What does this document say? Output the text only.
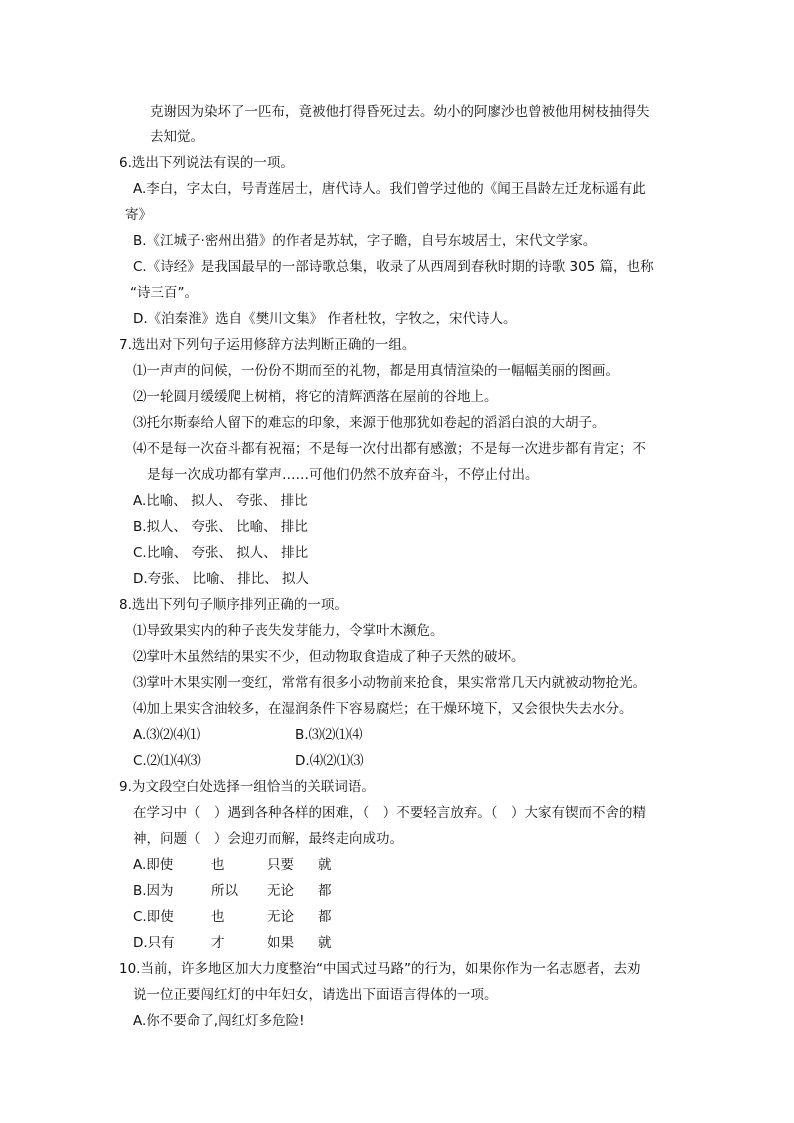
克谢因为染坏了一匹布，竟被他打得昏死过去。幼小的阿廖沙也曾被他用树枝抽得失
去知觉。
6.选出下列说法有误的一项。
A.李白，字太白，号青莲居士，唐代诗人。我们曾学过他的《闻王昌龄左迁龙标遥有此
寄》
B.《江城子·密州出猎》的作者是苏轼，字子瞻，自号东坡居士，宋代文学家。
C.《诗经》是我国最早的一部诗歌总集，收录了从西周到春秋时期的诗歌 305 篇，也称
“诗三百”。
D.《泊秦淮》选自《樊川文集》 作者杜牧，字牧之，宋代诗人。
7.选出对下列句子运用修辞方法判断正确的一组。
⑴一声声的问候，一份份不期而至的礼物，都是用真情渲染的一幅幅美丽的图画。
⑵一轮圆月缓缓爬上树梢，将它的清辉洒落在屋前的谷地上。
⑶托尔斯泰给人留下的难忘的印象，来源于他那犹如卷起的滔滔白浪的大胡子。
⑷不是每一次奋斗都有祝福；不是每一次付出都有感激；不是每一次进步都有肯定；不
是每一次成功都有掌声……可他们仍然不放弃奋斗，不停止付出。
A.比喻、 拟人、 夸张、 排比
B.拟人、 夸张、 比喻、 排比
C.比喻、 夸张、 拟人、 排比
D.夸张、 比喻、 排比、 拟人
8.选出下列句子顺序排列正确的一项。
⑴导致果实内的种子丧失发芽能力，令掌叶木濒危。
⑵掌叶木虽然结的果实不少，但动物取食造成了种子天然的破坏。
⑶掌叶木果实刚一变红，常常有很多小动物前来抢食，果实常常几天内就被动物抢光。
⑷加上果实含油较多，在湿润条件下容易腐烂；在干燥环境下，又会很快失去水分。
A.⑶⑵⑷⑴	B.⑶⑵⑴⑷
C.⑵⑴⑷⑶	D.⑷⑵⑴⑶
9.为文段空白处选择一组恰当的关联词语。
在学习中（　）遇到各种各样的困难，（　）不要轻言放弃。（　）大家有锲而不舍的精
神，问题（　）会迎刃而解，最终走向成功。
A.即使	也	只要 就
B.因为	所以 无论 都
C.即使	也	无论 都
D.只有	才	如果 就
10.当前，许多地区加大力度整治“中国式过马路”的行为，如果你作为一名志愿者，去劝
说一位正要闯红灯的中年妇女，请选出下面语言得体的一项。
A.你不要命了,闯红灯多危险!
